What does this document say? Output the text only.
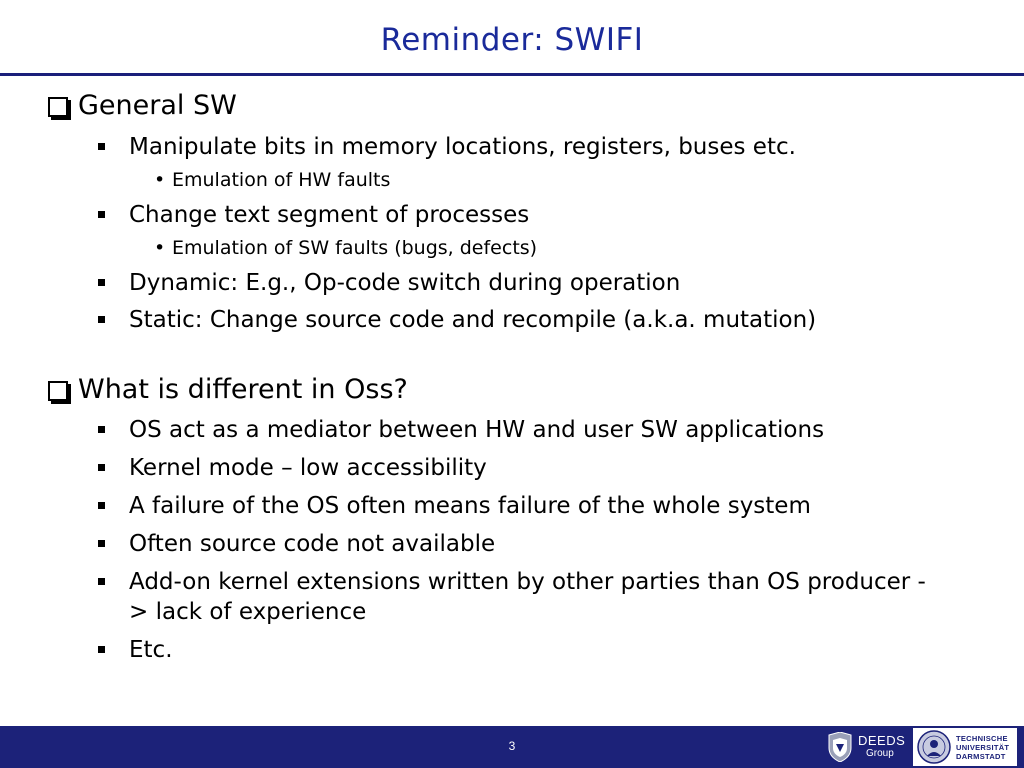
Reminder: SWIFI
General SW
Manipulate bits in memory locations, registers, buses etc.
• Emulation of HW faults
Change text segment of processes
• Emulation of SW faults (bugs, defects)
Dynamic: E.g., Op-code switch during operation
Static: Change source code and recompile (a.k.a. mutation)
What is different in Oss?
OS act as a mediator between HW and user SW applications
Kernel mode – low accessibility
A failure of the OS often means failure of the whole system
Often source code not available
Add-on kernel extensions written by other parties than OS producer -> lack of experience
Etc.
3	DEEDS
Group
TECHNISCHE
UNIVERSITÄT
DARMSTADT
